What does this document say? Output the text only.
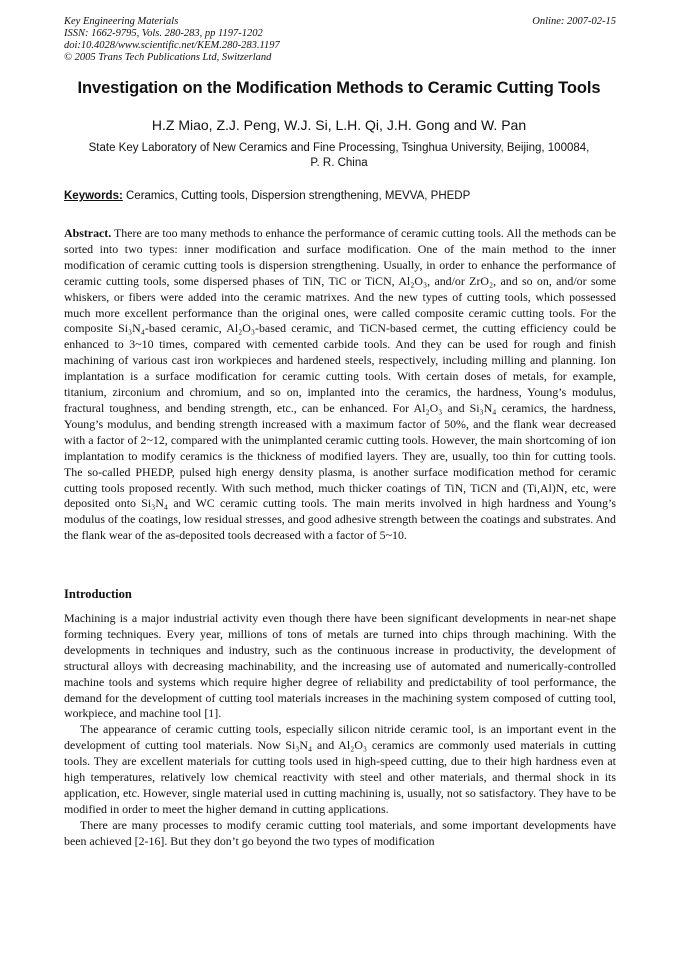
Key Engineering Materials
ISSN: 1662-9795, Vols. 280-283, pp 1197-1202
doi:10.4028/www.scientific.net/KEM.280-283.1197
© 2005 Trans Tech Publications Ltd, Switzerland
Online: 2007-02-15
Investigation on the Modification Methods to Ceramic Cutting Tools
H.Z Miao, Z.J. Peng, W.J. Si, L.H. Qi, J.H. Gong and W. Pan
State Key Laboratory of New Ceramics and Fine Processing, Tsinghua University, Beijing, 100084,
P. R. China
Keywords: Ceramics, Cutting tools, Dispersion strengthening, MEVVA, PHEDP
Abstract. There are too many methods to enhance the performance of ceramic cutting tools. All the methods can be sorted into two types: inner modification and surface modification. One of the main method to the inner modification of ceramic cutting tools is dispersion strengthening. Usually, in order to enhance the performance of ceramic cutting tools, some dispersed phases of TiN, TiC or TiCN, Al₂O₃, and/or ZrO₂, and so on, and/or some whiskers, or fibers were added into the ceramic matrixes. And the new types of cutting tools, which possessed much more excellent performance than the original ones, were called composite ceramic cutting tools. For the composite Si₃N₄-based ceramic, Al₂O₃-based ceramic, and TiCN-based cermet, the cutting efficiency could be enhanced to 3~10 times, compared with cemented carbide tools. And they can be used for rough and finish machining of various cast iron workpieces and hardened steels, respectively, including milling and planning. Ion implantation is a surface modification for ceramic cutting tools. With certain doses of metals, for example, titanium, zirconium and chromium, and so on, implanted into the ceramics, the hardness, Young’s modulus, fractural toughness, and bending strength, etc., can be enhanced. For Al₂O₃ and Si₃N₄ ceramics, the hardness, Young’s modulus, and bending strength increased with a maximum factor of 50%, and the flank wear decreased with a factor of 2~12, compared with the unimplanted ceramic cutting tools. However, the main shortcoming of ion implantation to modify ceramics is the thickness of modified layers. They are, usually, too thin for cutting tools. The so-called PHEDP, pulsed high energy density plasma, is another surface modification method for ceramic cutting tools proposed recently. With such method, much thicker coatings of TiN, TiCN and (Ti,Al)N, etc, were deposited onto Si₃N₄ and WC ceramic cutting tools. The main merits involved in high hardness and Young’s modulus of the coatings, low residual stresses, and good adhesive strength between the coatings and substrates. And the flank wear of the as-deposited tools decreased with a factor of 5~10.
Introduction

Machining is a major industrial activity even though there have been significant developments in near-net shape forming techniques. Every year, millions of tons of metals are turned into chips through machining. With the developments in techniques and industry, such as the continuous increase in productivity, the development of structural alloys with decreasing machinability, and the increasing use of automated and numerically-controlled machine tools and systems which require higher degree of reliability and predictability of tool performance, the demand for the development of cutting tool materials increases in the machining system composed of cutting tool, workpiece, and machine tool [1].

The appearance of ceramic cutting tools, especially silicon nitride ceramic tool, is an important event in the development of cutting tool materials. Now Si₃N₄ and Al₂O₃ ceramics are commonly used materials in cutting tools. They are excellent materials for cutting tools used in high-speed cutting, due to their high hardness even at high temperatures, relatively low chemical reactivity with steel and other materials, and thermal shock in its application, etc. However, single material used in cutting machining is, usually, not so satisfactory. They have to be modified in order to meet the higher demand in cutting applications.

There are many processes to modify ceramic cutting tool materials, and some important developments have been achieved [2-16]. But they don’t go beyond the two types of modification
